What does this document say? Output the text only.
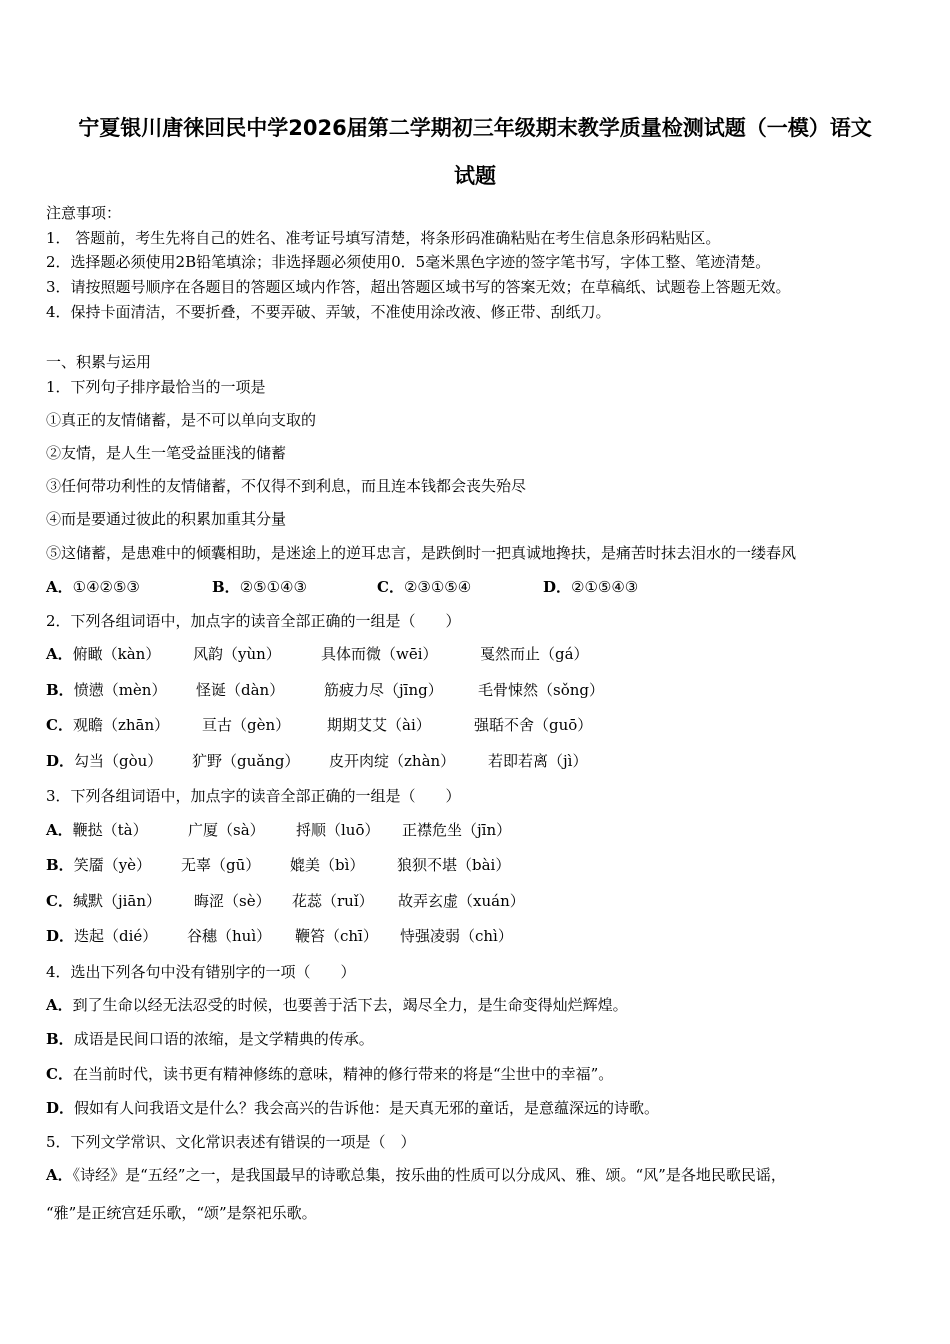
宁夏银川唐徕回民中学2026届第二学期初三年级期末教学质量检测试题（一模）语文
试题
注意事项：
1． 答题前，考生先将自己的姓名、准考证号填写清楚，将条形码准确粘贴在考生信息条形码粘贴区。
2．选择题必须使用2B铅笔填涂；非选择题必须使用0．5毫米黑色字迹的签字笔书写，字体工整、笔迹清楚。
3．请按照题号顺序在各题目的答题区域内作答，超出答题区域书写的答案无效；在草稿纸、试题卷上答题无效。
4．保持卡面清洁，不要折叠，不要弄破、弄皱，不准使用涂改液、修正带、刮纸刀。
一、积累与运用
1．下列句子排序最恰当的一项是
①真正的友情储蓄，是不可以单向支取的
②友情，是人生一笔受益匪浅的储蓄
③任何带功利性的友情储蓄，不仅得不到利息，而且连本钱都会丧失殆尽
④而是要通过彼此的积累加重其分量
⑤这储蓄，是患难中的倾囊相助，是迷途上的逆耳忠言，是跌倒时一把真诚地搀扶，是痛苦时抹去泪水的一缕春风
A．①④②⑤③	B．②⑤①④③	C．②③①⑤④	D．②①⑤④③
2．下列各组词语中，加点字的读音全部正确的一组是（　　）
A．俯瞰（kàn） 风韵（yùn）	具体而微（wēi）	戛然而止（gá）
B．愤懑（mèn） 怪诞（dàn）	筋疲力尽（jīng） 毛骨悚然（sǒng）
C．观瞻（zhān） 亘古（gèn） 期期艾艾（ài）	强聒不舍（guō）
D．勾当（gòu） 犷野（guǎng） 皮开肉绽（zhàn） 若即若离（jì）
3．下列各组词语中，加点字的读音全部正确的一组是（　　）
A．鞭挞（tà）	广厦（sà） 捋顺（luō） 正襟危坐（jīn）
B．笑靥（yè） 无辜（gū） 媲美（bì） 狼狈不堪（bài）
C．缄默（jiān） 晦涩（sè） 花蕊（ruǐ） 故弄玄虚（xuán）
D．迭起（dié） 谷穗（huì） 鞭笞（chī） 恃强凌弱（chì）
4．选出下列各句中没有错别字的一项（　　）
A．到了生命以经无法忍受的时候，也要善于活下去，竭尽全力，是生命变得灿烂辉煌。
B．成语是民间口语的浓缩，是文学精典的传承。
C．在当前时代，读书更有精神修练的意味，精神的修行带来的将是“尘世中的幸福”。
D．假如有人问我语文是什么？我会高兴的告诉他：是天真无邪的童话，是意蕴深远的诗歌。
5．下列文学常识、文化常识表述有错误的一项是（　）
A．《诗经》是“五经”之一，是我国最早的诗歌总集，按乐曲的性质可以分成风、雅、颂。“风”是各地民歌民谣，
“雅”是正统宫廷乐歌，“颂”是祭祀乐歌。
